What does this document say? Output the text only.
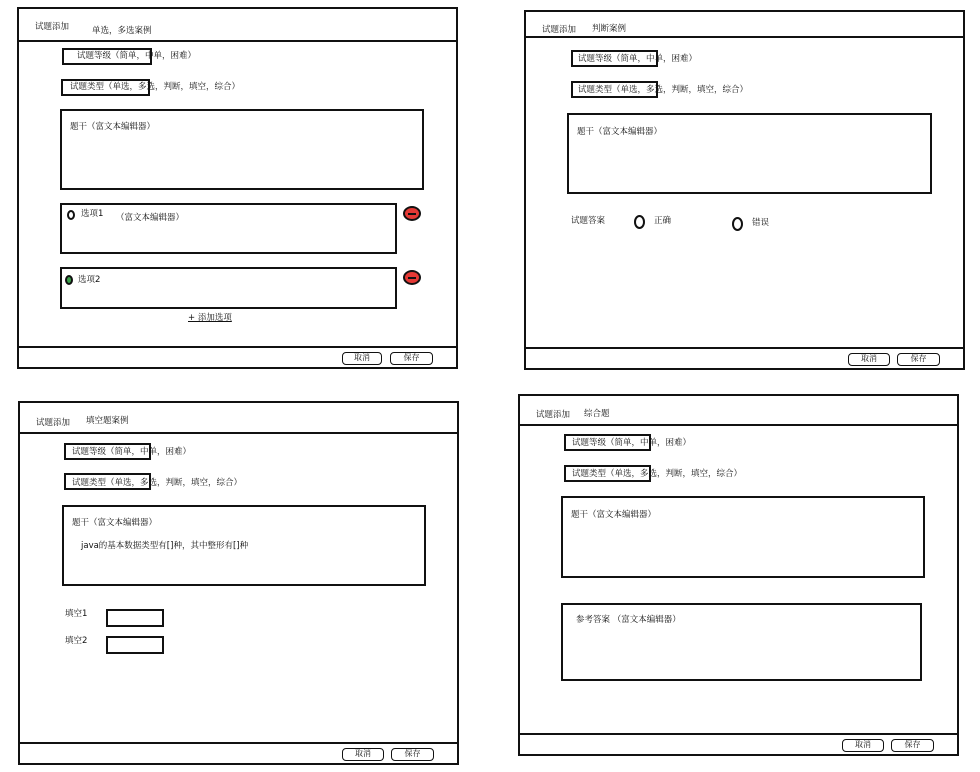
试题添加	单选，多选案例
试题等级（简单，中单，困难）
试题类型（单选，多选，判断，填空，综合）
题干（富文本编辑器）
选项1 （富文本编辑器）
选项2
+ 添加选项
取消	保存
试题添加 判断案例
试题等级（简单，中单，困难）
试题类型（单选，多选，判断，填空，综合）
题干（富文本编辑器）
试题答案	正确	错误
取消	保存
试题添加 填空题案例
试题等级（简单，中单，困难）
试题类型（单选，多选，判断，填空，综合）
题干（富文本编辑器）
java的基本数据类型有[]种，其中整形有[]种
填空1
填空2
取消	保存
试题添加 综合题
试题等级（简单，中单，困难）
试题类型（单选，多选，判断，填空，综合）
题干（富文本编辑器）
参考答案 （富文本编辑器）
取消	保存
